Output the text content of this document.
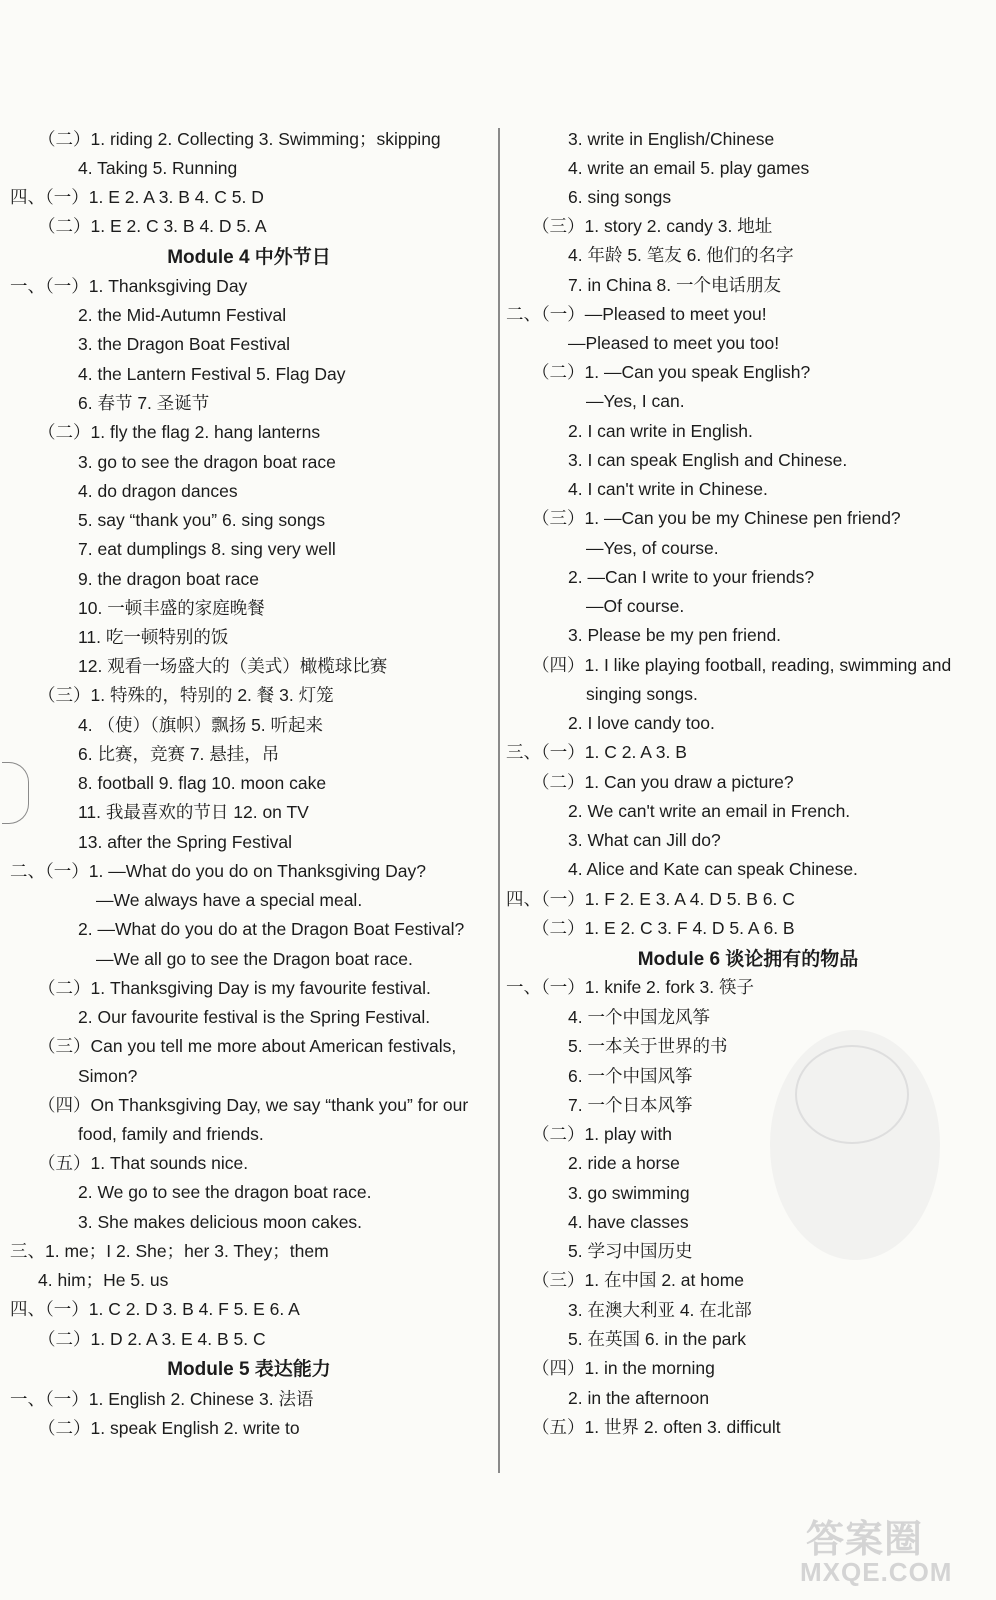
（二）1. riding 2. Collecting 3. Swimming；skipping
4. Taking 5. Running
四、（一）1. E 2. A 3. B 4. C 5. D
（二）1. E 2. C 3. B 4. D 5. A
Module 4 中外节日
一、（一）1. Thanksgiving Day
2. the Mid-Autumn Festival
3. the Dragon Boat Festival
4. the Lantern Festival 5. Flag Day
6. 春节 7. 圣诞节
（二）1. fly the flag 2. hang lanterns
3. go to see the dragon boat race
4. do dragon dances
5. say “thank you” 6. sing songs
7. eat dumplings 8. sing very well
9. the dragon boat race
10. 一顿丰盛的家庭晚餐
11. 吃一顿特别的饭
12. 观看一场盛大的（美式）橄榄球比赛
（三）1. 特殊的，特别的 2. 餐 3. 灯笼
4. （使）（旗帜）飘扬 5. 听起来
6. 比赛，竞赛 7. 悬挂，吊
8. football 9. flag 10. moon cake
11. 我最喜欢的节日 12. on TV
13. after the Spring Festival
二、（一）1. —What do you do on Thanksgiving Day?
—We always have a special meal.
2. —What do you do at the Dragon Boat Festival?
—We all go to see the Dragon boat race.
（二）1. Thanksgiving Day is my favourite festival.
2. Our favourite festival is the Spring Festival.
（三）Can you tell me more about American festivals,
Simon?
（四）On Thanksgiving Day, we say “thank you” for our
food, family and friends.
（五）1. That sounds nice.
2. We go to see the dragon boat race.
3. She makes delicious moon cakes.
三、1. me；I 2. She；her 3. They；them
4. him；He 5. us
四、（一）1. C 2. D 3. B 4. F 5. E 6. A
（二）1. D 2. A 3. E 4. B 5. C
Module 5 表达能力
一、（一）1. English 2. Chinese 3. 法语
（二）1. speak English 2. write to
3. write in English/Chinese
4. write an email 5. play games
6. sing songs
（三）1. story 2. candy 3. 地址
4. 年龄 5. 笔友 6. 他们的名字
7. in China 8. 一个电话朋友
二、（一）—Pleased to meet you!
—Pleased to meet you too!
（二）1. —Can you speak English?
—Yes, I can.
2. I can write in English.
3. I can speak English and Chinese.
4. I can't write in Chinese.
（三）1. —Can you be my Chinese pen friend?
—Yes, of course.
2. —Can I write to your friends?
—Of course.
3. Please be my pen friend.
（四）1. I like playing football, reading, swimming and
singing songs.
2. I love candy too.
三、（一）1. C 2. A 3. B
（二）1. Can you draw a picture?
2. We can't write an email in French.
3. What can Jill do?
4. Alice and Kate can speak Chinese.
四、（一）1. F 2. E 3. A 4. D 5. B 6. C
（二）1. E 2. C 3. F 4. D 5. A 6. B
Module 6 谈论拥有的物品
一、（一）1. knife 2. fork 3. 筷子
4. 一个中国龙风筝
5. 一本关于世界的书
6. 一个中国风筝
7. 一个日本风筝
（二）1. play with
2. ride a horse
3. go swimming
4. have classes
5. 学习中国历史
（三）1. 在中国 2. at home
3. 在澳大利亚 4. 在北部
5. 在英国 6. in the park
（四）1. in the morning
2. in the afternoon
（五）1. 世界 2. often 3. difficult
答案圈
MXQE.COM
